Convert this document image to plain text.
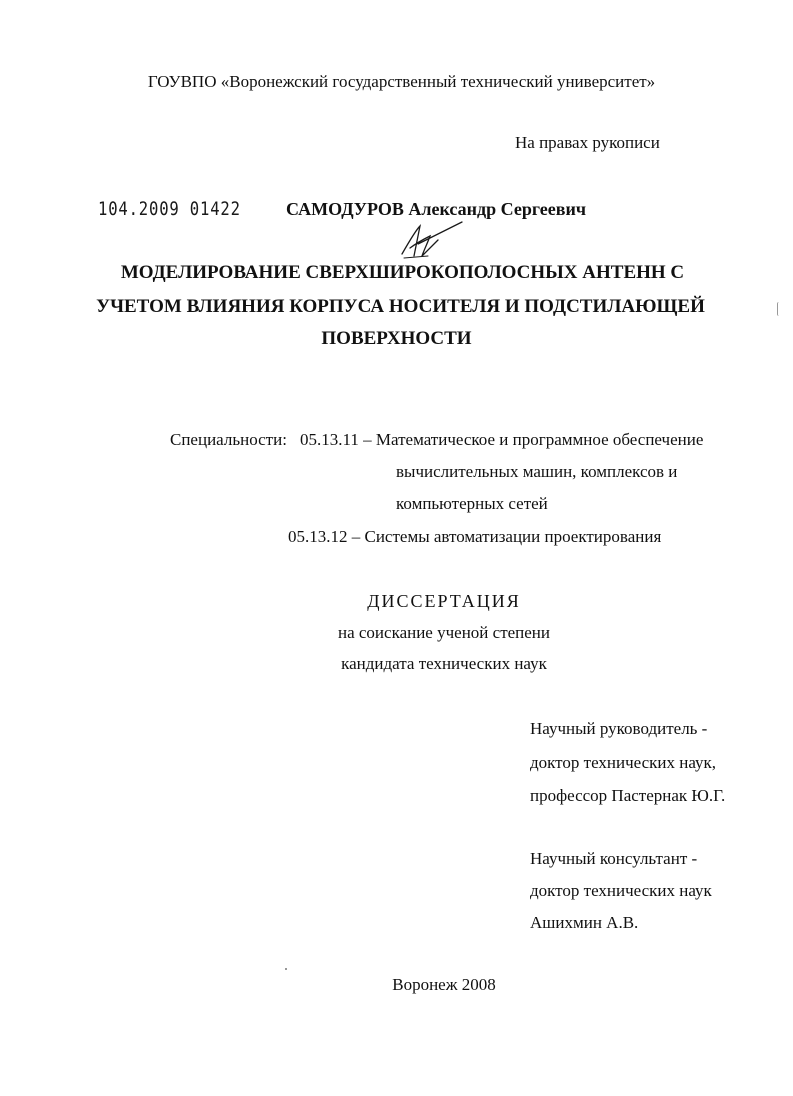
ГОУВПО «Воронежский государственный технический университет»
На правах рукописи
104.2009 01422	САМОДУРОВ Александр Сергеевич
МОДЕЛИРОВАНИЕ СВЕРХШИРОКОПОЛОСНЫХ АНТЕНН С
УЧЕТОМ ВЛИЯНИЯ КОРПУСА НОСИТЕЛЯ И ПОДСТИЛАЮЩЕЙ
ПОВЕРХНОСТИ
Специальности: 05.13.11 – Математическое и программное обеспечение
вычислительных машин, комплексов и
компьютерных сетей
05.13.12 – Системы автоматизации проектирования
ДИССЕРТАЦИЯ
на соискание ученой степени
кандидата технических наук
Научный руководитель -
доктор технических наук,
профессор Пастернак Ю.Г.
Научный консультант -
доктор технических наук
Ашихмин А.В.
Воронеж 2008
